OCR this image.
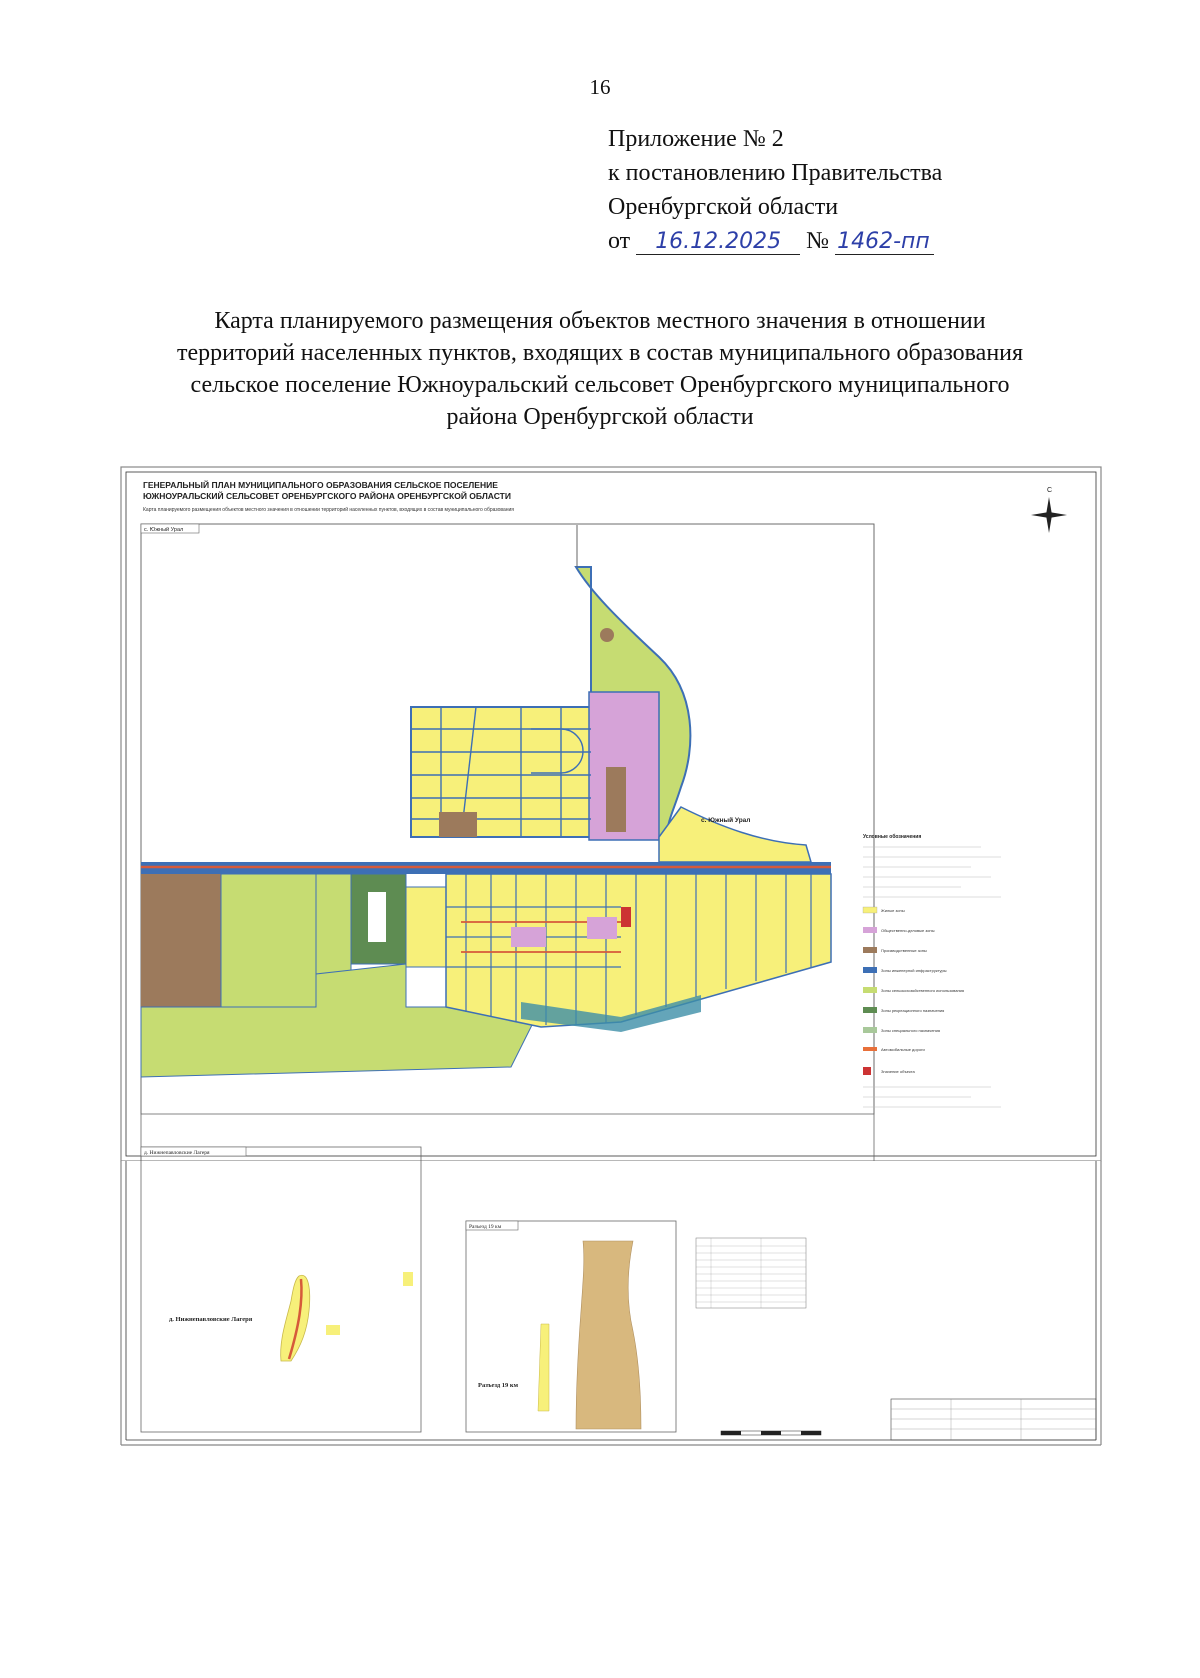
16
Приложение № 2
к постановлению Правительства
Оренбургской области
от 16.12.2025 № 1462-пп
Карта планируемого размещения объектов местного значения в отношении
территорий населенных пунктов, входящих в состав муниципального образования
сельское поселение Южноуральский сельсовет Оренбургского муниципального
района Оренбургской области
ГЕНЕРАЛЬНЫЙ ПЛАН МУНИЦИПАЛЬНОГО ОБРАЗОВАНИЯ СЕЛЬСКОЕ ПОСЕЛЕНИЕ
ЮЖНОУРАЛЬСКИЙ СЕЛЬСОВЕТ ОРЕНБУРГСКОГО РАЙОНА ОРЕНБУРГСКОЙ ОБЛАСТИ
Карта планируемого размещения объектов местного значения в отношении территорий населенных пунктов, входящих в состав муниципального образования
С
с. Южный Урал
с. Южный Урал
Условные обозначения
Жилые зоны
Общественно-деловые зоны
Производственные зоны
Зоны инженерной инфраструктуры
Зоны сельскохозяйственного использования
Зоны рекреационного назначения
Зоны специального назначения
Автомобильные дороги
Значение объекта
д. Нижнепавловские Лагеря
д. Нижнепавловские Лагеря
Разъезд 19 км
Разъезд 19 км
